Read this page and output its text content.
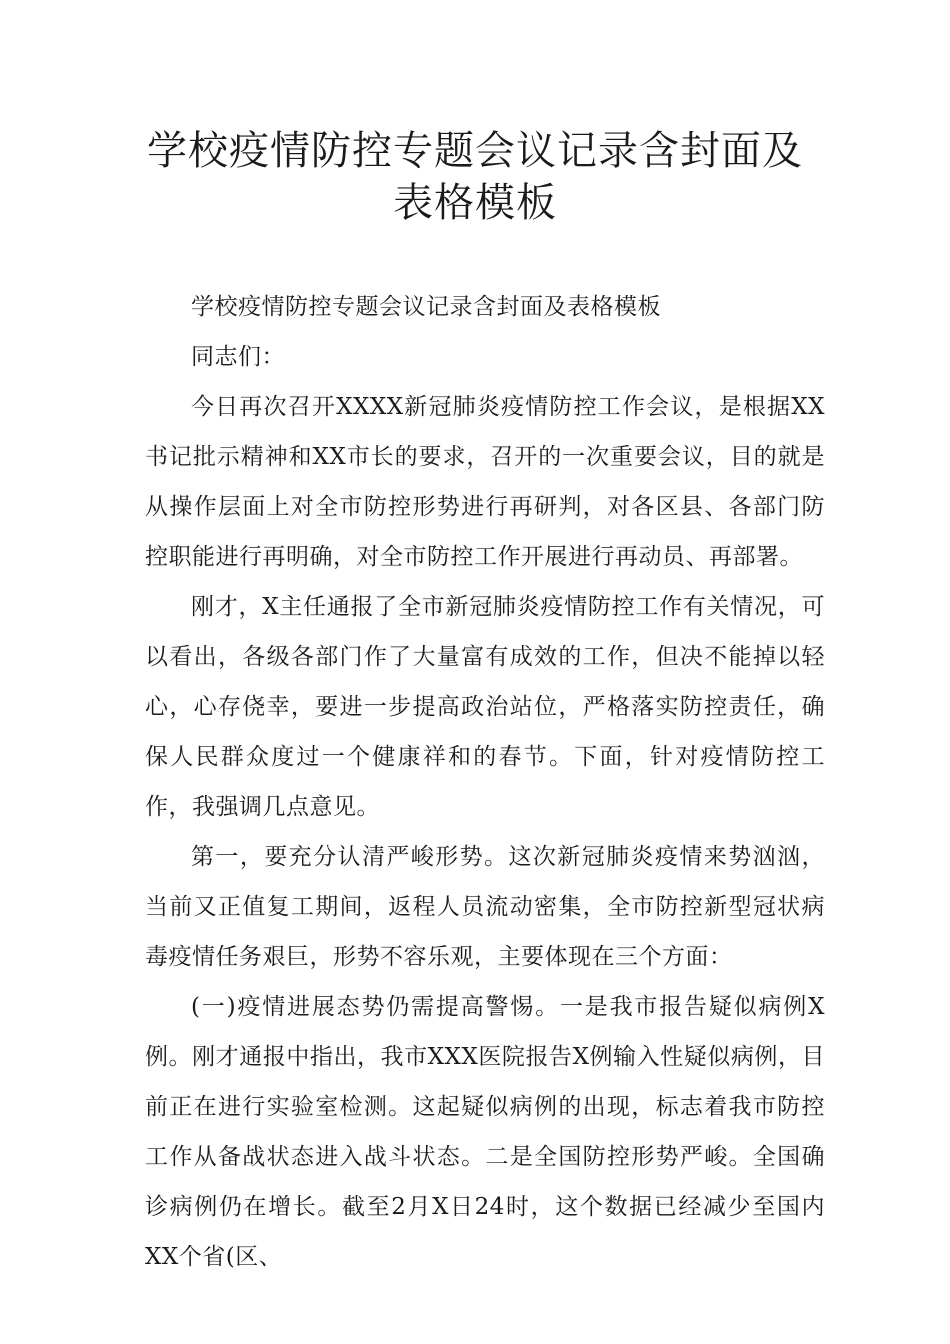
学校疫情防控专题会议记录含封面及表格模板

学校疫情防控专题会议记录含封面及表格模板

同志们：

今日再次召开XXXX新冠肺炎疫情防控工作会议，是根据XX书记批示精神和XX市长的要求，召开的一次重要会议，目的就是从操作层面上对全市防控形势进行再研判，对各区县、各部门防控职能进行再明确，对全市防控工作开展进行再动员、再部署。

刚才，X主任通报了全市新冠肺炎疫情防控工作有关情况，可以看出，各级各部门作了大量富有成效的工作，但决不能掉以轻心，心存侥幸，要进一步提高政治站位，严格落实防控责任，确保人民群众度过一个健康祥和的春节。下面，针对疫情防控工作，我强调几点意见。

第一，要充分认清严峻形势。这次新冠肺炎疫情来势汹汹，当前又正值复工期间，返程人员流动密集，全市防控新型冠状病毒疫情任务艰巨，形势不容乐观，主要体现在三个方面：

(一)疫情进展态势仍需提高警惕。一是我市报告疑似病例X例。刚才通报中指出，我市XXX医院报告X例输入性疑似病例，目前正在进行实验室检测。这起疑似病例的出现，标志着我市防控工作从备战状态进入战斗状态。二是全国防控形势严峻。全国确诊病例仍在增长。截至2月X日24时，这个数据已经减少至国内XX个省(区、
